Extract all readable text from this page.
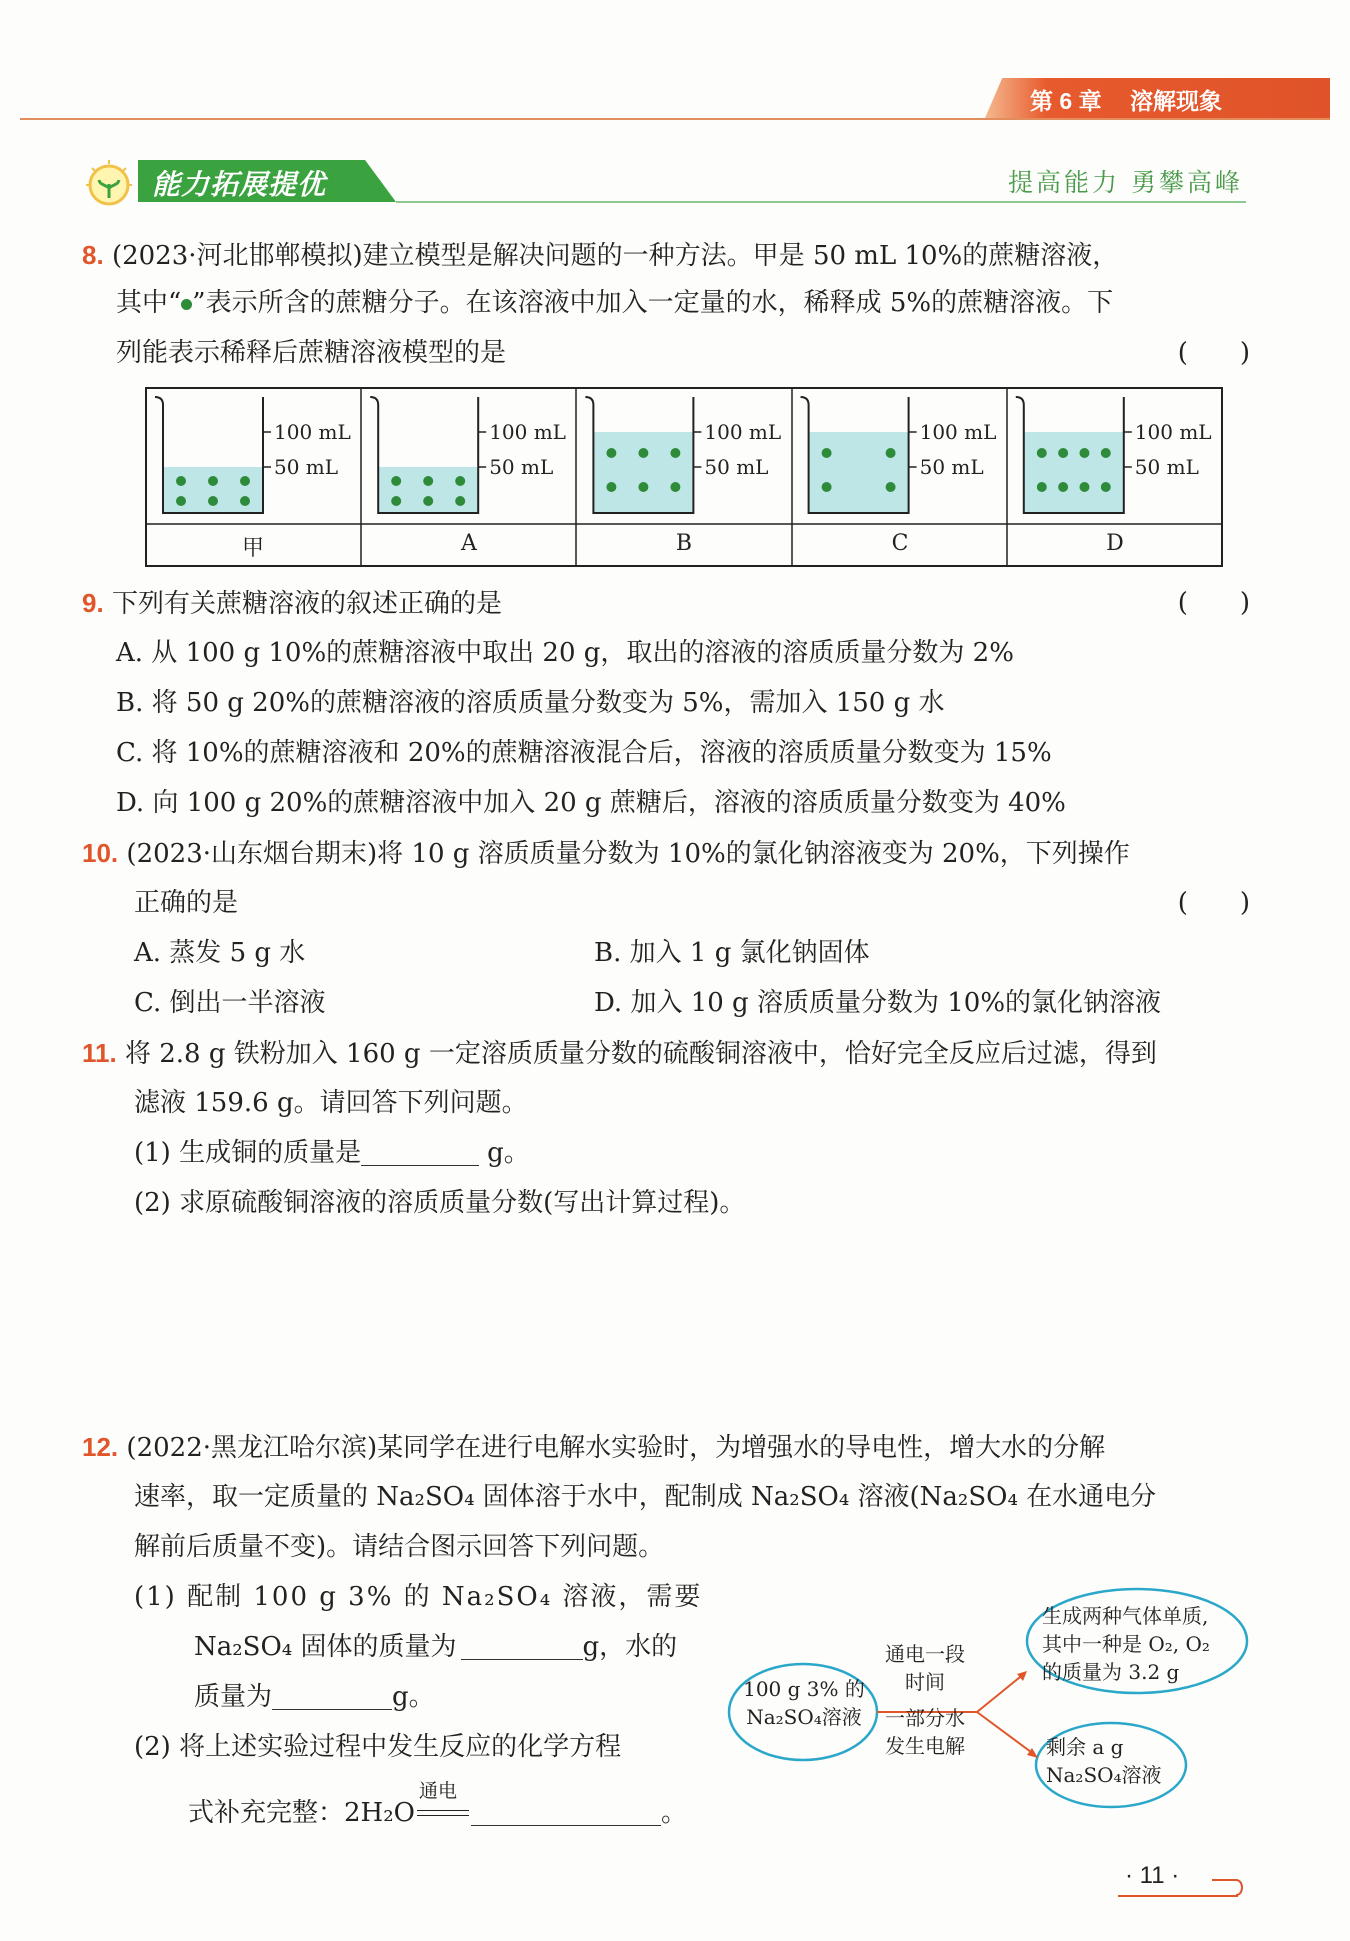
第 6 章 溶解现象
能力拓展提优	提高能力 勇攀高峰
8. (2023·河北邯郸模拟)建立模型是解决问题的一种方法。甲是 50 mL 10%的蔗糖溶液，
其中“ ”表示所含的蔗糖分子。在该溶液中加入一定量的水，稀释成 5%的蔗糖溶液。下
列能表示稀释后蔗糖溶液模型的是	(　　)
100 mL
50 mL
100 mL
50 mL
100 mL
50 mL
100 mL
50 mL
100 mL
50 mL
甲	A	B	C	D
9. 下列有关蔗糖溶液的叙述正确的是	(　　)
A. 从 100 g 10%的蔗糖溶液中取出 20 g，取出的溶液的溶质质量分数为 2%
B. 将 50 g 20%的蔗糖溶液的溶质质量分数变为 5%，需加入 150 g 水
C. 将 10%的蔗糖溶液和 20%的蔗糖溶液混合后，溶液的溶质质量分数变为 15%
D. 向 100 g 20%的蔗糖溶液中加入 20 g 蔗糖后，溶液的溶质质量分数变为 40%
10. (2023·山东烟台期末)将 10 g 溶质质量分数为 10%的氯化钠溶液变为 20%，下列操作
正确的是	(　　)
A. 蒸发 5 g 水	B. 加入 1 g 氯化钠固体
C. 倒出一半溶液	D. 加入 10 g 溶质质量分数为 10%的氯化钠溶液
11. 将 2.8 g 铁粉加入 160 g 一定溶质质量分数的硫酸铜溶液中，恰好完全反应后过滤，得到
滤液 159.6 g。请回答下列问题。
(1) 生成铜的质量是	g。
(2) 求原硫酸铜溶液的溶质质量分数(写出计算过程)。
12. (2022·黑龙江哈尔滨)某同学在进行电解水实验时，为增强水的导电性，增大水的分解
速率，取一定质量的 Na₂SO₄ 固体溶于水中，配制成 Na₂SO₄ 溶液(Na₂SO₄ 在水通电分
解前后质量不变)。请结合图示回答下列问题。
(1) 配制 100 g 3% 的 Na₂SO₄ 溶液，需要
Na₂SO₄ 固体的质量为	g，水的
质量为	g。
(2) 将上述实验过程中发生反应的化学方程
式补充完整：2H₂O
通电
。
100 g 3% 的
Na₂SO₄溶液
通电一段
时间
一部分水
发生电解
生成两种气体单质,
其中一种是 O₂, O₂
的质量为 3.2 g
剩余 a g
Na₂SO₄溶液
· 11 ·
